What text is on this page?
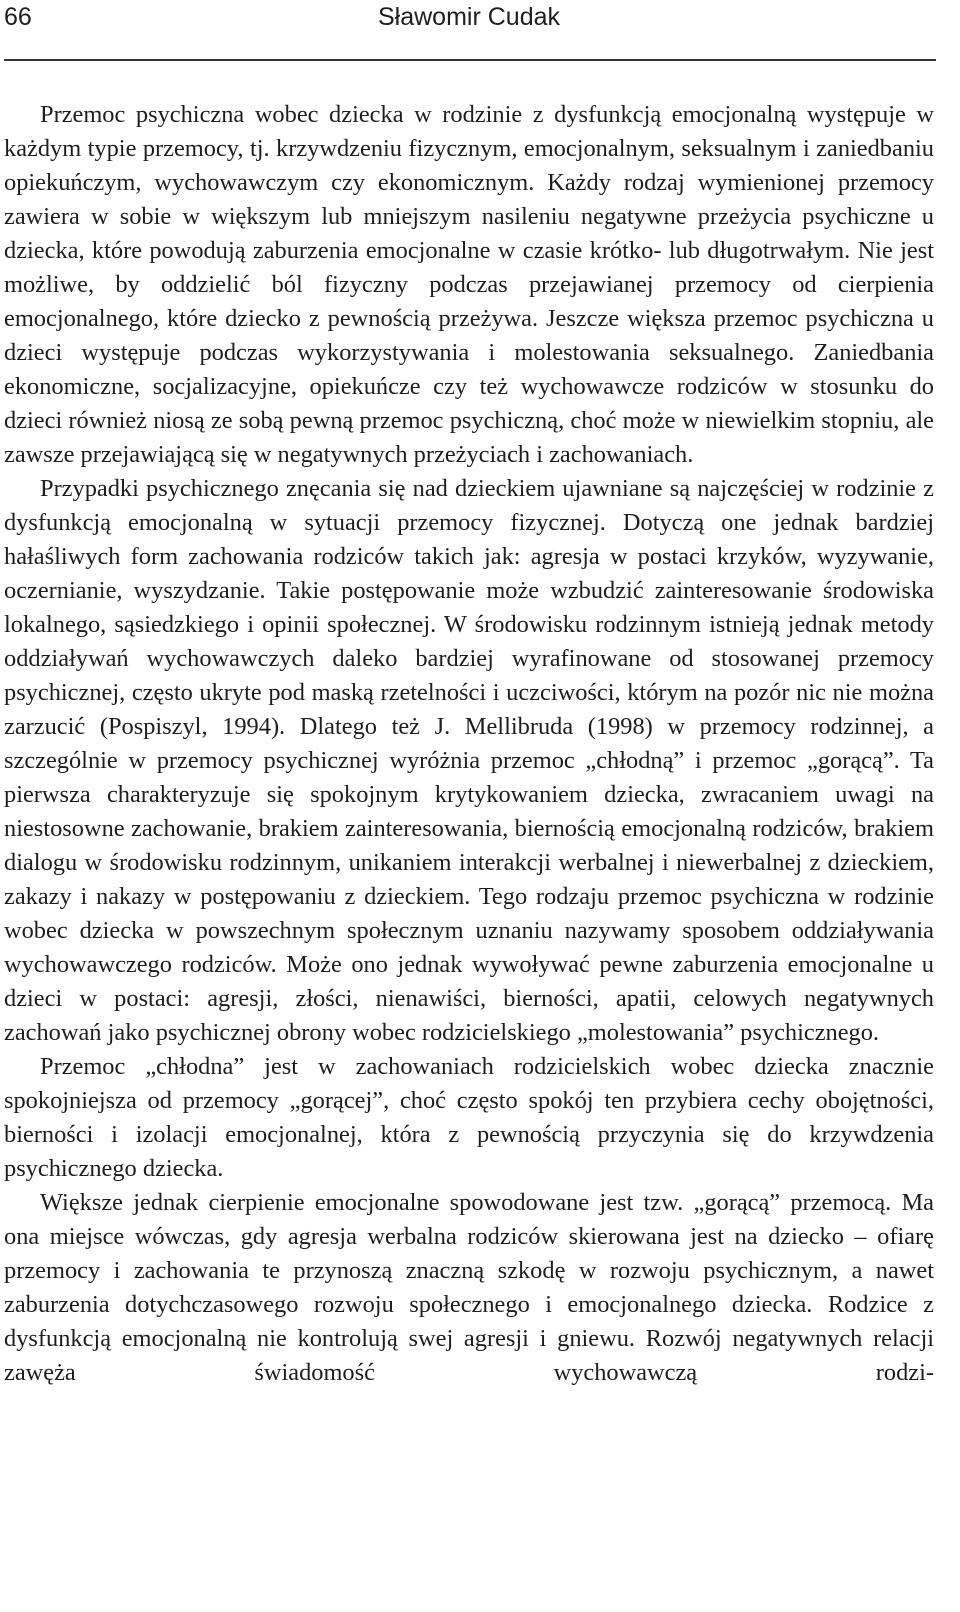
66	Sławomir Cudak

Przemoc psychiczna wobec dziecka w rodzinie z dysfunkcją emocjonalną występuje w każdym typie przemocy, tj. krzywdzeniu fizycznym, emocjonalnym, seksualnym i zaniedbaniu opiekuńczym, wychowawczym czy ekonomicznym. Każdy rodzaj wymienionej przemocy zawiera w sobie w większym lub mniejszym nasileniu negatywne przeżycia psychiczne u dziecka, które powodują zaburzenia emocjonalne w czasie krótko- lub długotrwałym. Nie jest możliwe, by oddzielić ból fizyczny podczas przejawianej przemocy od cierpienia emocjonalnego, które dziecko z pewnością przeżywa. Jeszcze większa przemoc psychiczna u dzieci występuje podczas wykorzystywania i molestowania seksualnego. Zaniedbania ekonomiczne, socjalizacyjne, opiekuńcze czy też wychowawcze rodziców w stosunku do dzieci również niosą ze sobą pewną przemoc psychiczną, choć może w niewielkim stopniu, ale zawsze przejawiającą się w negatywnych przeżyciach i zachowaniach.

Przypadki psychicznego znęcania się nad dzieckiem ujawniane są najczęściej w rodzinie z dysfunkcją emocjonalną w sytuacji przemocy fizycznej. Dotyczą one jednak bardziej hałaśliwych form zachowania rodziców takich jak: agresja w postaci krzyków, wyzywanie, oczernianie, wyszydzanie. Takie postępowanie może wzbudzić zainteresowanie środowiska lokalnego, sąsiedzkiego i opinii społecznej. W środowisku rodzinnym istnieją jednak metody oddziaływań wychowawczych daleko bardziej wyrafinowane od stosowanej przemocy psychicznej, często ukryte pod maską rzetelności i uczciwości, którym na pozór nic nie można zarzucić (Pospiszyl, 1994). Dlatego też J. Mellibruda (1998) w przemocy rodzinnej, a szczególnie w przemocy psychicznej wyróżnia przemoc „chłodną” i przemoc „gorącą”. Ta pierwsza charakteryzuje się spokojnym krytykowaniem dziecka, zwracaniem uwagi na niestosowne zachowanie, brakiem zainteresowania, biernością emocjonalną rodziców, brakiem dialogu w środowisku rodzinnym, unikaniem interakcji werbalnej i niewerbalnej z dzieckiem, zakazy i nakazy w postępowaniu z dzieckiem. Tego rodzaju przemoc psychiczna w rodzinie wobec dziecka w powszechnym społecznym uznaniu nazywamy sposobem oddziaływania wychowawczego rodziców. Może ono jednak wywoływać pewne zaburzenia emocjonalne u dzieci w postaci: agresji, złości, nienawiści, bierności, apatii, celowych negatywnych zachowań jako psychicznej obrony wobec rodzicielskiego „molestowania” psychicznego.

Przemoc „chłodna” jest w zachowaniach rodzicielskich wobec dziecka znacznie spokojniejsza od przemocy „gorącej”, choć często spokój ten przybiera cechy obojętności, bierności i izolacji emocjonalnej, która z pewnością przyczynia się do krzywdzenia psychicznego dziecka.

Większe jednak cierpienie emocjonalne spowodowane jest tzw. „gorącą” przemocą. Ma ona miejsce wówczas, gdy agresja werbalna rodziców skierowana jest na dziecko – ofiarę przemocy i zachowania te przynoszą znaczną szkodę w rozwoju psychicznym, a nawet zaburzenia dotychczasowego rozwoju społecznego i emocjonalnego dziecka. Rodzice z dysfunkcją emocjonalną nie kontrolują swej agresji i gniewu. Rozwój negatywnych relacji zawęża świadomość wychowawczą rodzi-
